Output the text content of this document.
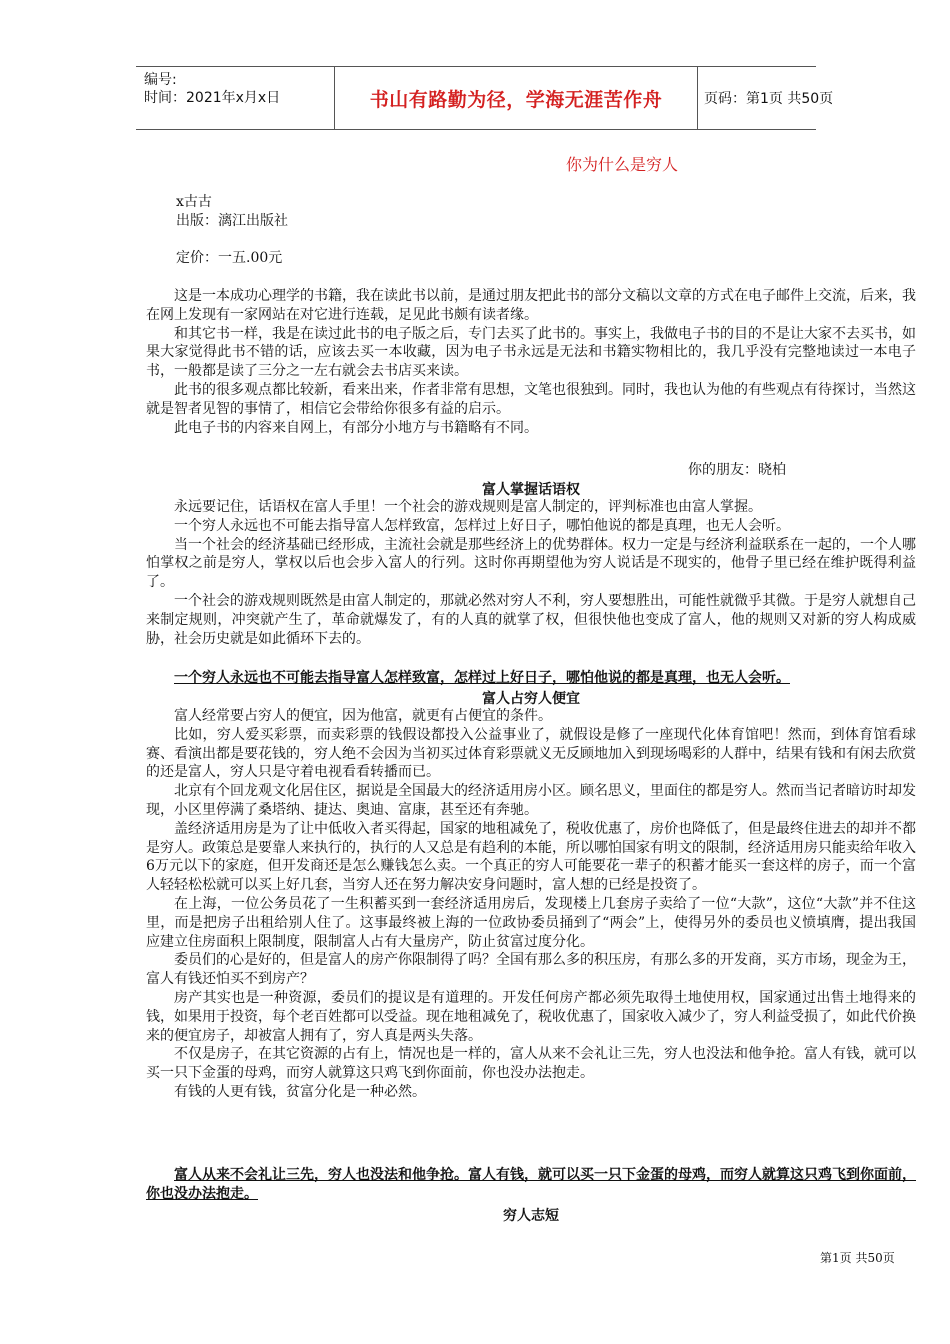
编号:
时间：2021年x月x日	书山有路勤为径，学海无涯苦作舟	页码：第1页 共50页
你为什么是穷人
x古古
出版：漓江出版社
定价：一五.00元

这是一本成功心理学的书籍，我在读此书以前，是通过朋友把此书的部分文稿以文章的方式在电子邮件上交流，后来，我在网上发现有一家网站在对它进行连载，足见此书颇有读者缘。

和其它书一样，我是在读过此书的电子版之后，专门去买了此书的。事实上，我做电子书的目的不是让大家不去买书，如果大家觉得此书不错的话，应该去买一本收藏，因为电子书永远是无法和书籍实物相比的，我几乎没有完整地读过一本电子书，一般都是读了三分之一左右就会去书店买来读。

此书的很多观点都比较新，看来出来，作者非常有思想，文笔也很独到。同时，我也认为他的有些观点有待探讨，当然这就是智者见智的事情了，相信它会带给你很多有益的启示。

此电子书的内容来自网上，有部分小地方与书籍略有不同。

你的朋友：晓柏
富人掌握话语权

永远要记住，话语权在富人手里！一个社会的游戏规则是富人制定的，评判标准也由富人掌握。

一个穷人永远也不可能去指导富人怎样致富，怎样过上好日子，哪怕他说的都是真理，也无人会听。

当一个社会的经济基础已经形成，主流社会就是那些经济上的优势群体。权力一定是与经济利益联系在一起的，一个人哪怕掌权之前是穷人，掌权以后也会步入富人的行列。这时你再期望他为穷人说话是不现实的，他骨子里已经在维护既得利益了。

一个社会的游戏规则既然是由富人制定的，那就必然对穷人不利，穷人要想胜出，可能性就微乎其微。于是穷人就想自己来制定规则，冲突就产生了，革命就爆发了，有的人真的就掌了权，但很快他也变成了富人，他的规则又对新的穷人构成威胁，社会历史就是如此循环下去的。

一个穷人永远也不可能去指导富人怎样致富，怎样过上好日子，哪怕他说的都是真理，也无人会听。

富人占穷人便宜

富人经常要占穷人的便宜，因为他富，就更有占便宜的条件。

比如，穷人爱买彩票，而卖彩票的钱假设都投入公益事业了，就假设是修了一座现代化体育馆吧！然而，到体育馆看球赛、看演出都是要花钱的，穷人绝不会因为当初买过体育彩票就义无反顾地加入到现场喝彩的人群中，结果有钱和有闲去欣赏的还是富人，穷人只是守着电视看看转播而已。

北京有个回龙观文化居住区，据说是全国最大的经济适用房小区。顾名思义，里面住的都是穷人。然而当记者暗访时却发现，小区里停满了桑塔纳、捷达、奥迪、富康，甚至还有奔驰。

盖经济适用房是为了让中低收入者买得起，国家的地租减免了，税收优惠了，房价也降低了，但是最终住进去的却并不都是穷人。政策总是要靠人来执行的，执行的人又总是有趋利的本能，所以哪怕国家有明文的限制，经济适用房只能卖给年收入6万元以下的家庭，但开发商还是怎么赚钱怎么卖。一个真正的穷人可能要花一辈子的积蓄才能买一套这样的房子，而一个富人轻轻松松就可以买上好几套，当穷人还在努力解决安身问题时，富人想的已经是投资了。

在上海，一位公务员花了一生积蓄买到一套经济适用房后，发现楼上几套房子卖给了一位“大款”，这位“大款”并不住这里，而是把房子出租给别人住了。这事最终被上海的一位政协委员捅到了“两会”上，使得另外的委员也义愤填膺，提出我国应建立住房面积上限制度，限制富人占有大量房产，防止贫富过度分化。

委员们的心是好的，但是富人的房产你限制得了吗？全国有那么多的积压房，有那么多的开发商，买方市场，现金为王，富人有钱还怕买不到房产？

房产其实也是一种资源，委员们的提议是有道理的。开发任何房产都必须先取得土地使用权，国家通过出售土地得来的钱，如果用于投资，每个老百姓都可以受益。现在地租减免了，税收优惠了，国家收入减少了，穷人利益受损了，如此代价换来的便宜房子，却被富人拥有了，穷人真是两头失落。

不仅是房子，在其它资源的占有上，情况也是一样的，富人从来不会礼让三先，穷人也没法和他争抢。富人有钱，就可以买一只下金蛋的母鸡，而穷人就算这只鸡飞到你面前，你也没办法抱走。

有钱的人更有钱，贫富分化是一种必然。

富人从来不会礼让三先，穷人也没法和他争抢。富人有钱，就可以买一只下金蛋的母鸡，而穷人就算这只鸡飞到你面前，你也没办法抱走。

穷人志短
第1页 共50页
